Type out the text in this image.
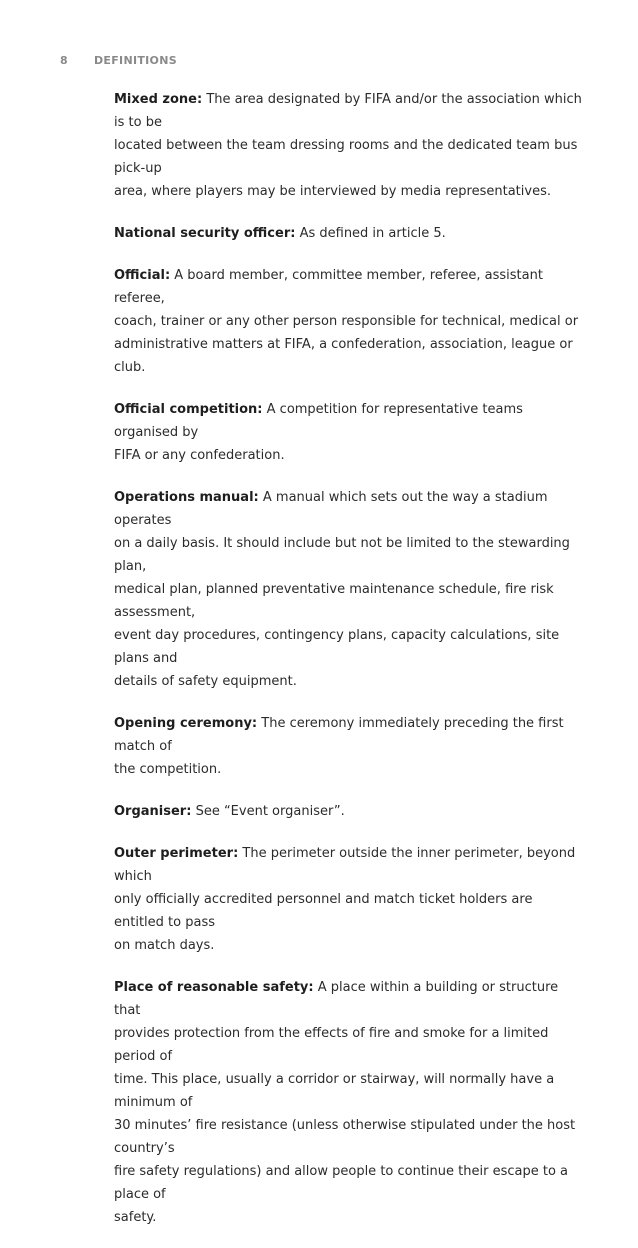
8 DEFINITIONS

Mixed zone: The area designated by FIFA and/or the association which is to be
located between the team dressing rooms and the dedicated team bus pick-up
area, where players may be interviewed by media representatives.

National security officer: As defined in article 5.

Official: A board member, committee member, referee, assistant referee,
coach, trainer or any other person responsible for technical, medical or
administrative matters at FIFA, a confederation, association, league or club.

Official competition: A competition for representative teams organised by
FIFA or any confederation.

Operations manual: A manual which sets out the way a stadium operates
on a daily basis. It should include but not be limited to the stewarding plan,
medical plan, planned preventative maintenance schedule, fire risk assessment,
event day procedures, contingency plans, capacity calculations, site plans and
details of safety equipment.

Opening ceremony: The ceremony immediately preceding the first match of
the competition.

Organiser: See “Event organiser”.

Outer perimeter: The perimeter outside the inner perimeter, beyond which
only officially accredited personnel and match ticket holders are entitled to pass
on match days.

Place of reasonable safety: A place within a building or structure that
provides protection from the effects of fire and smoke for a limited period of
time. This place, usually a corridor or stairway, will normally have a minimum of
30 minutes’ fire resistance (unless otherwise stipulated under the host country’s
fire safety regulations) and allow people to continue their escape to a place of
safety.
